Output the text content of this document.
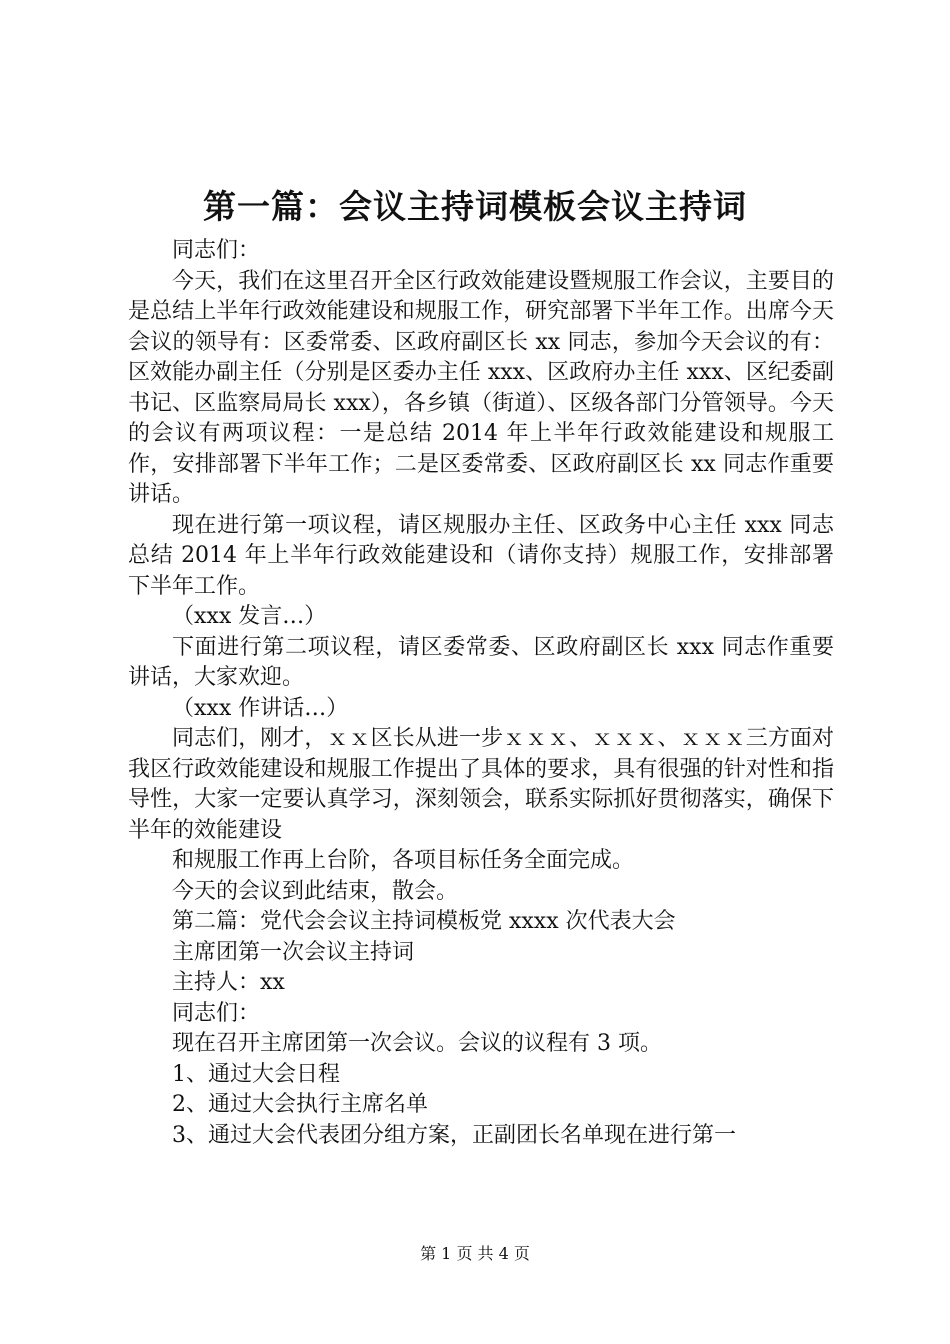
第一篇：会议主持词模板会议主持词

同志们：

今天，我们在这里召开全区行政效能建设暨规服工作会议，主要目的是总结上半年行政效能建设和规服工作，研究部署下半年工作。出席今天会议的领导有：区委常委、区政府副区长 xx 同志，参加今天会议的有：区效能办副主任（分别是区委办主任 xxx、区政府办主任 xxx、区纪委副书记、区监察局局长 xxx），各乡镇（街道）、区级各部门分管领导。今天的会议有两项议程：一是总结 2014 年上半年行政效能建设和规服工作，安排部署下半年工作；二是区委常委、区政府副区长 xx 同志作重要讲话。

现在进行第一项议程，请区规服办主任、区政务中心主任 xxx 同志总结 2014 年上半年行政效能建设和（请你支持）规服工作，安排部署下半年工作。

（xxx 发言…）

下面进行第二项议程，请区委常委、区政府副区长 xxx 同志作重要讲话，大家欢迎。

（xxx 作讲话…）

同志们，刚才，ｘｘ区长从进一步ｘｘｘ、ｘｘｘ、ｘｘｘ三方面对我区行政效能建设和规服工作提出了具体的要求，具有很强的针对性和指导性，大家一定要认真学习，深刻领会，联系实际抓好贯彻落实，确保下半年的效能建设

和规服工作再上台阶，各项目标任务全面完成。

今天的会议到此结束，散会。

第二篇：党代会会议主持词模板党 xxxx 次代表大会

主席团第一次会议主持词

主持人：xx

同志们：

现在召开主席团第一次会议。会议的议程有 3 项。

1、通过大会日程

2、通过大会执行主席名单

3、通过大会代表团分组方案，正副团长名单现在进行第一

第 1 页 共 4 页
